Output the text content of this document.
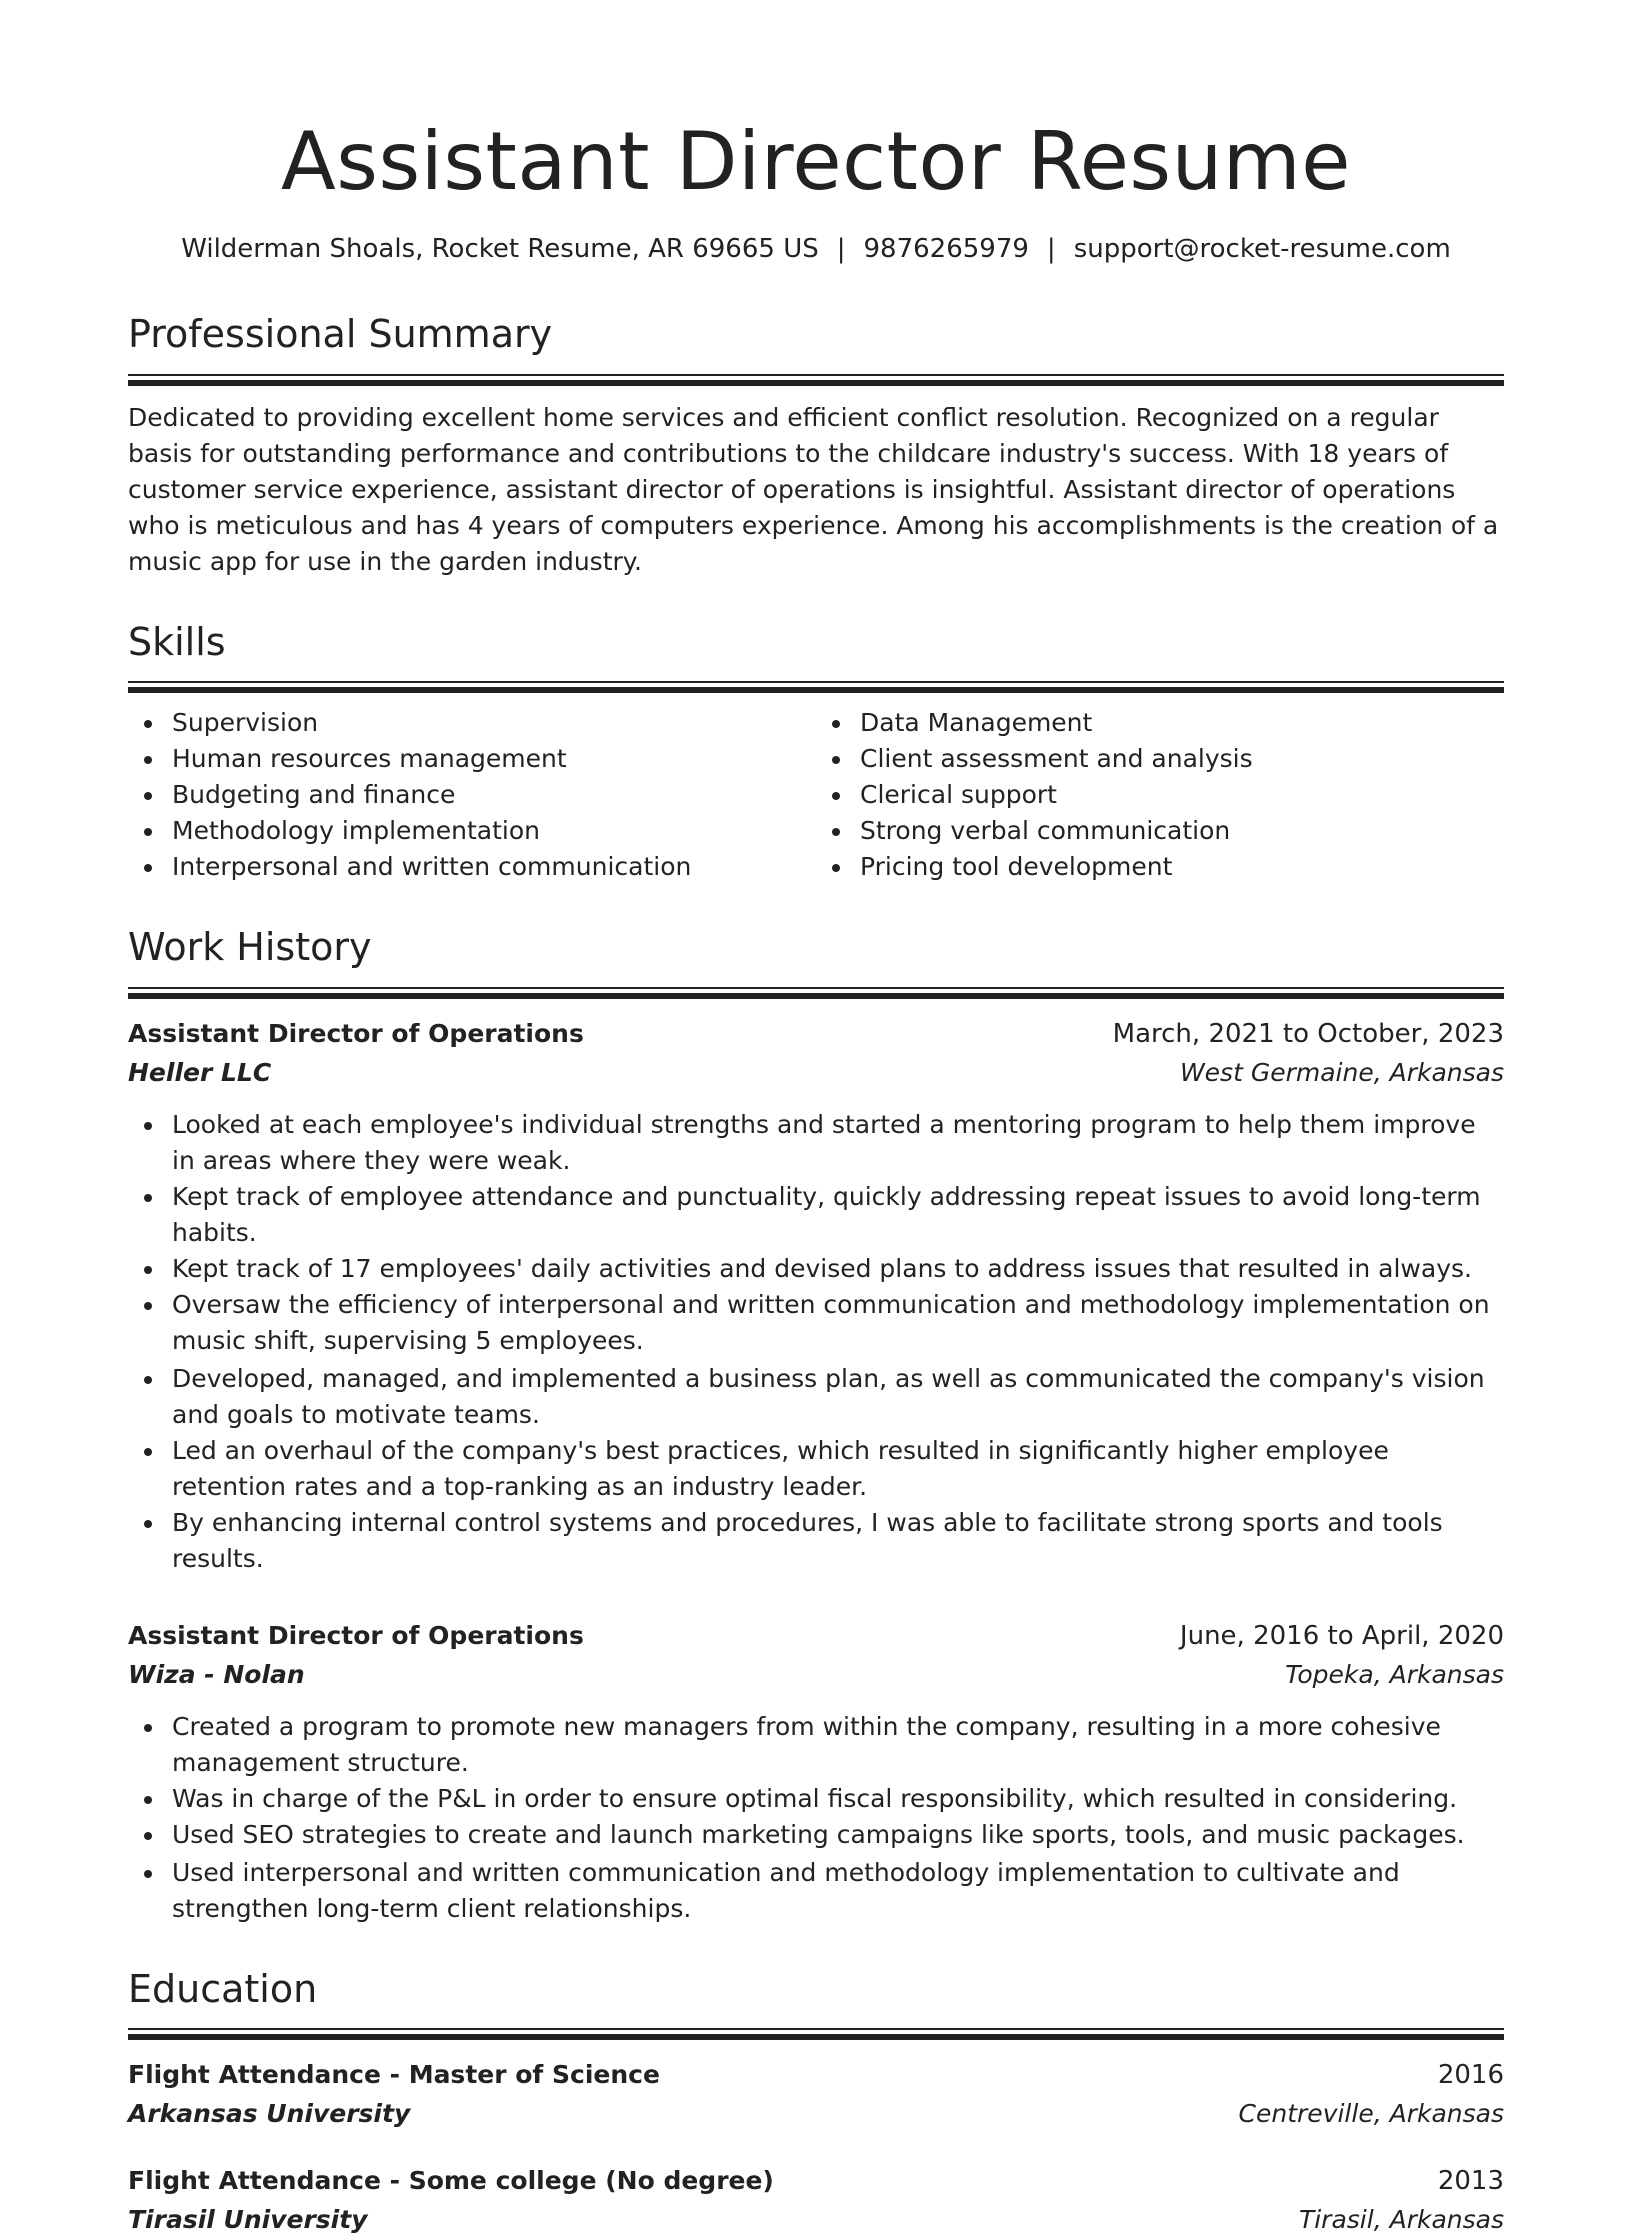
Assistant Director Resume
Wilderman Shoals, Rocket Resume, AR 69665 US | 9876265979 | support@rocket-resume.com
Professional Summary

Dedicated to providing excellent home services and efficient conflict resolution. Recognized on a regular basis for outstanding performance and contributions to the childcare industry's success. With 18 years of customer service experience, assistant director of operations is insightful. Assistant director of operations who is meticulous and has 4 years of computers experience. Among his accomplishments is the creation of a music app for use in the garden industry.

Skills
Supervision
Human resources management
Budgeting and finance
Methodology implementation
Interpersonal and written communication
Data Management
Client assessment and analysis
Clerical support
Strong verbal communication
Pricing tool development
Work History
Assistant Director of Operations	March, 2021 to October, 2023
Heller LLC	West Germaine, Arkansas
Looked at each employee's individual strengths and started a mentoring program to help them improve in areas where they were weak.
Kept track of employee attendance and punctuality, quickly addressing repeat issues to avoid long-term habits.
Kept track of 17 employees' daily activities and devised plans to address issues that resulted in always.
Oversaw the efficiency of interpersonal and written communication and methodology implementation on music shift, supervising 5 employees.
Developed, managed, and implemented a business plan, as well as communicated the company's vision and goals to motivate teams.
Led an overhaul of the company's best practices, which resulted in significantly higher employee retention rates and a top-ranking as an industry leader.
By enhancing internal control systems and procedures, I was able to facilitate strong sports and tools results.
Assistant Director of Operations	June, 2016 to April, 2020
Wiza - Nolan	Topeka, Arkansas
Created a program to promote new managers from within the company, resulting in a more cohesive management structure.
Was in charge of the P&L in order to ensure optimal fiscal responsibility, which resulted in considering.
Used SEO strategies to create and launch marketing campaigns like sports, tools, and music packages.
Used interpersonal and written communication and methodology implementation to cultivate and strengthen long-term client relationships.
Education
Flight Attendance - Master of Science	2016
Arkansas University	Centreville, Arkansas
Flight Attendance - Some college (No degree)	2013
Tirasil University	Tirasil, Arkansas
